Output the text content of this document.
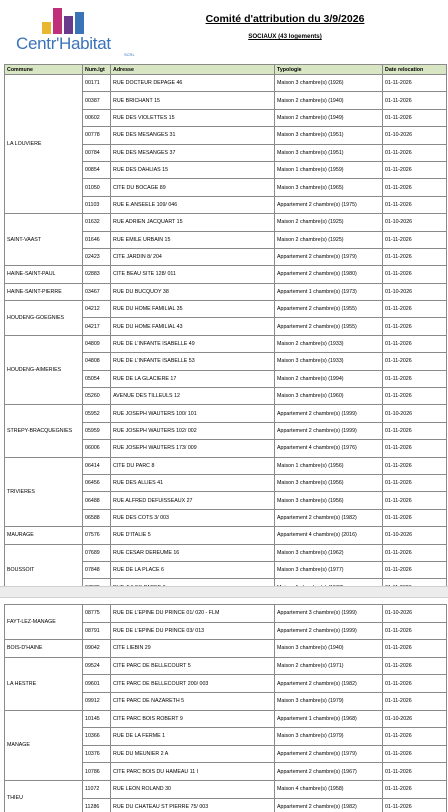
Centr'Habitat
SCRL
Comité d'attribution du 3/9/2026
SOCIAUX (43 logements)
Commune	Num.lgt	Adresse	Typologie	Date relocation
LA LOUVIERE	00171	RUE DOCTEUR DEPAGE 46	Maison 3 chambre(s) (1926)	01-11-2026
	00387	RUE BRICHANT 15	Maison 2 chambre(s) (1940)	01-11-2026
	00602	RUE DES VIOLETTES 15	Maison 2 chambre(s) (1949)	01-11-2026
	00778	RUE DES MESANGES 31	Maison 3 chambre(s) (1951)	01-10-2026
	00784	RUE DES MESANGES 37	Maison 3 chambre(s) (1951)	01-11-2026
	00854	RUE DES DAHLIAS 15	Maison 1 chambre(s) (1959)	01-11-2026
	01050	CITE DU BOCAGE 89	Maison 3 chambre(s) (1965)	01-11-2026
	01103	RUE E.ANSEELE 109/ 046	Appartement 2 chambre(s) (1975)	01-11-2026
SAINT-VAAST	01632	RUE ADRIEN JACQUART 15	Maison 2 chambre(s) (1925)	01-10-2026
	01646	RUE EMILE URBAIN 15	Maison 2 chambre(s) (1925)	01-11-2026
	02423	CITE JARDIN 8/ 204	Appartement 2 chambre(s) (1979)	01-11-2026
HAINE-SAINT-PAUL	02883	CITE BEAU SITE 128/ 011	Appartement 2 chambre(s) (1980)	01-11-2026
HAINE-SAINT-PIERRE	03467	RUE DU BUCQUOY 38	Appartement 1 chambre(s) (1973)	01-10-2026
HOUDENG-GOEGNIES	04212	RUE DU HOME FAMILIAL 35	Appartement 2 chambre(s) (1955)	01-11-2026
	04217	RUE DU HOME FAMILIAL 43	Appartement 2 chambre(s) (1955)	01-11-2026
HOUDENG-AIMERIES	04809	RUE DE L'INFANTE ISABELLE 49	Maison 2 chambre(s) (1933)	01-11-2026
	04808	RUE DE L'INFANTE ISABELLE 53	Maison 3 chambre(s) (1933)	01-11-2026
	05054	RUE DE LA GLACIERE 17	Maison 2 chambre(s) (1994)	01-11-2026
	05260	AVENUE DES TILLEULS 12	Maison 3 chambre(s) (1960)	01-11-2026
STREPY-BRACQUEGNIES	05952	RUE JOSEPH WAUTERS 100/ 101	Appartement 2 chambre(s) (1999)	01-10-2026
	05959	RUE JOSEPH WAUTERS 102/ 002	Appartement 2 chambre(s) (1999)	01-11-2026
	06006	RUE JOSEPH WAUTERS 173/ 009	Appartement 4 chambre(s) (1976)	01-11-2026
TRIVIERES	06414	CITE DU PARC 8	Maison 1 chambre(s) (1956)	01-11-2026
	06456	RUE DES ALLIES 41	Maison 3 chambre(s) (1956)	01-11-2026
	06488	RUE ALFRED DEFUISSEAUX 27	Maison 3 chambre(s) (1956)	01-11-2026
	06588	RUE DES COTS 3/ 003	Appartement 2 chambre(s) (1982)	01-11-2026
MAURAGE	07576	RUE D'ITALIE 5	Appartement 4 chambre(s) (2016)	01-10-2026
BOUSSOIT	07689	RUE CESAR DEREUME 16	Maison 3 chambre(s) (1962)	01-11-2026
	07848	RUE DE LA PLACE 6	Maison 3 chambre(s) (1977)	01-11-2026

FAYT-LEZ-MANAGE	08775	RUE DE L'EPINE DU PRINCE 01/ 020 - FLM	Appartement 3 chambre(s) (1999)	01-10-2026
	08791	RUE DE L'EPINE DU PRINCE 03/ 013	Appartement 2 chambre(s) (1999)	01-11-2026
BOIS-D'HAINE	09042	CITE LIEBIN 29	Maison 3 chambre(s) (1940)	01-11-2026
LA HESTRE	09524	CITE PARC DE BELLECOURT 5	Maison 2 chambre(s) (1971)	01-11-2026
	09601	CITE PARC DE BELLECOURT 200/ 003	Appartement 2 chambre(s) (1982)	01-11-2026
	09912	CITE PARC DE NAZARETH 5	Maison 3 chambre(s) (1979)	01-11-2026
MANAGE	10145	CITE PARC BOIS ROBERT 9	Appartement 1 chambre(s) (1968)	01-10-2026
	10366	RUE DE LA FERME 1	Maison 3 chambre(s) (1979)	01-11-2026
	10376	RUE DU MEUNIER 2 A	Appartement 2 chambre(s) (1979)	01-11-2026
	10786	CITE PARC BOIS DU HAMEAU 11 I	Appartement 2 chambre(s) (1967)	01-11-2026
THIEU	11072	RUE LEON ROLAND 30	Maison 4 chambre(s) (1958)	01-11-2026
	11286	RUE DU CHATEAU ST PIERRE 75/ 003	Appartement 2 chambre(s) (1982)	01-11-2026
